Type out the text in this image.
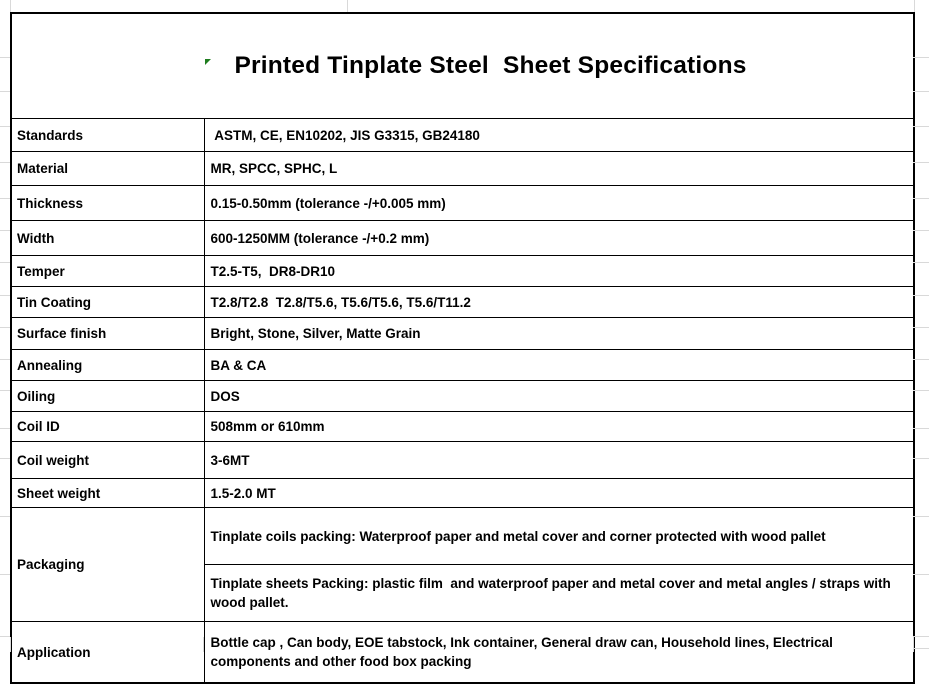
Printed Tinplate Steel  Sheet Specifications	

Standards	ASTM, CE, EN10202, JIS G3315, GB24180
Material	MR, SPCC, SPHC, L
Thickness	0.15-0.50mm (tolerance -/+0.005 mm)
Width	600-1250MM (tolerance -/+0.2 mm)
Temper	T2.5-T5,  DR8-DR10
Tin Coating	T2.8/T2.8  T2.8/T5.6, T5.6/T5.6, T5.6/T11.2
Surface finish	Bright, Stone, Silver, Matte Grain
Annealing	BA & CA
Oiling	DOS
Coil ID	508mm or 610mm
Coil weight	3-6MT
Sheet weight	1.5-2.0 MT
Packaging	Tinplate coils packing: Waterproof paper and metal cover and corner protected with wood pallet
	Tinplate sheets Packing: plastic film  and waterproof paper and metal cover and metal angles / straps with wood pallet.
Application	Bottle cap , Can body, EOE tabstock, Ink container, General draw can, Household lines, Electrical components and other food box packing
